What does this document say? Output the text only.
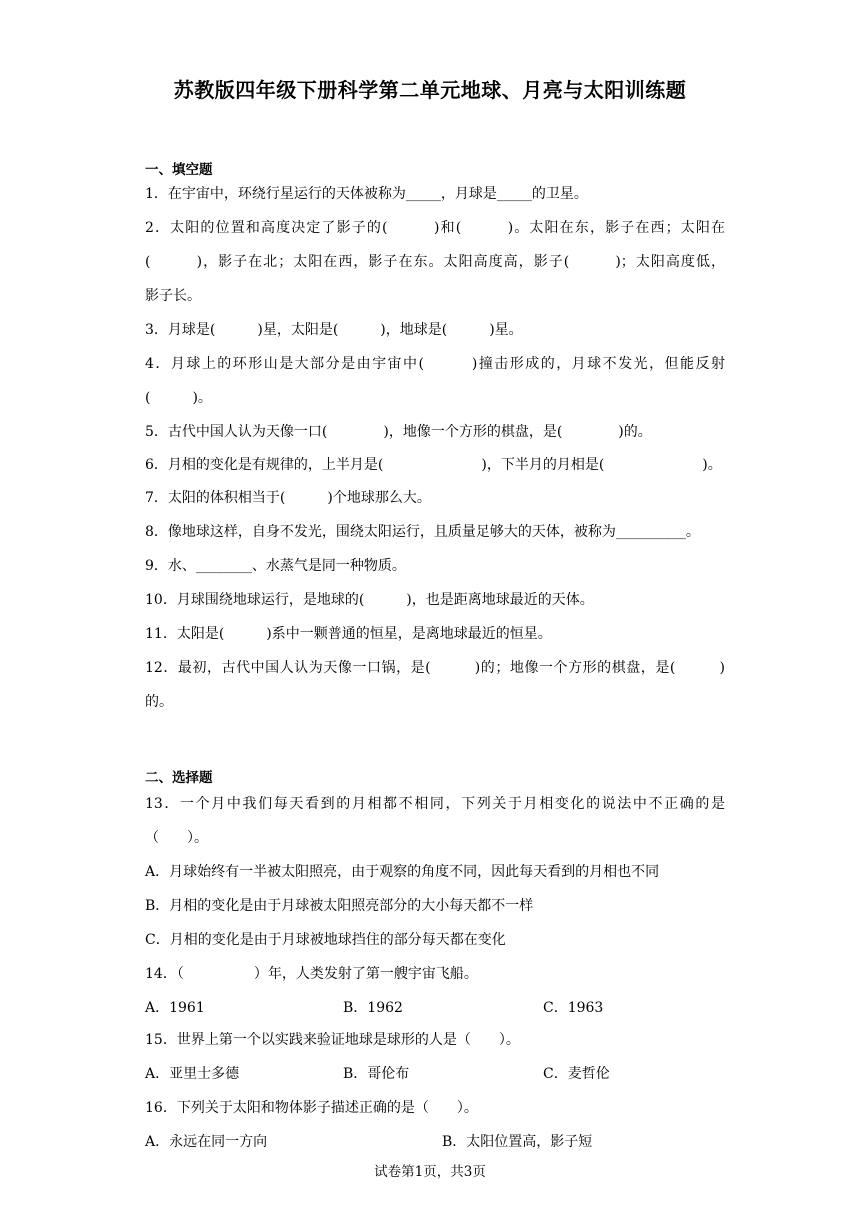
苏教版四年级下册科学第二单元地球、月亮与太阳训练题
一、填空题
1．在宇宙中，环绕行星运行的天体被称为_____，月球是_____的卫星。
2．太阳的位置和高度决定了影子的(　　　)和(　　　)。太阳在东，影子在西；太阳在
(　　　)，影子在北；太阳在西，影子在东。太阳高度高，影子(　　　)；太阳高度低，
影子长。
3．月球是(　　　)星，太阳是(　　　)，地球是(　　　)星。
4．月球上的环形山是大部分是由宇宙中(　　　)撞击形成的，月球不发光，但能反射
(　　　)。
5．古代中国人认为天像一口(　　　　)，地像一个方形的棋盘，是(　　　　)的。
6．月相的变化是有规律的，上半月是(　　　　　　　)，下半月的月相是(　　　　　　　)。
7．太阳的体积相当于(　　　)个地球那么大。
8．像地球这样，自身不发光，围绕太阳运行，且质量足够大的天体，被称为__________。
9．水、________、水蒸气是同一种物质。
10．月球围绕地球运行，是地球的(　　　)，也是距离地球最近的天体。
11．太阳是(　　　)系中一颗普通的恒星，是离地球最近的恒星。
12．最初，古代中国人认为天像一口锅，是(　　　)的；地像一个方形的棋盘，是(　　　)
的。
二、选择题
13．一个月中我们每天看到的月相都不相同，下列关于月相变化的说法中不正确的是
（　　）。
A．月球始终有一半被太阳照亮，由于观察的角度不同，因此每天看到的月相也不同
B．月相的变化是由于月球被太阳照亮部分的大小每天都不一样
C．月相的变化是由于月球被地球挡住的部分每天都在变化
14．（　　　　　）年，人类发射了第一艘宇宙飞船。
A．1961	B．1962	C．1963
15．世界上第一个以实践来验证地球是球形的人是（　　）。
A．亚里士多德	B．哥伦布	C．麦哲伦
16．下列关于太阳和物体影子描述正确的是（　　）。
A．永远在同一方向	B．太阳位置高，影子短
试卷第1页，共3页
